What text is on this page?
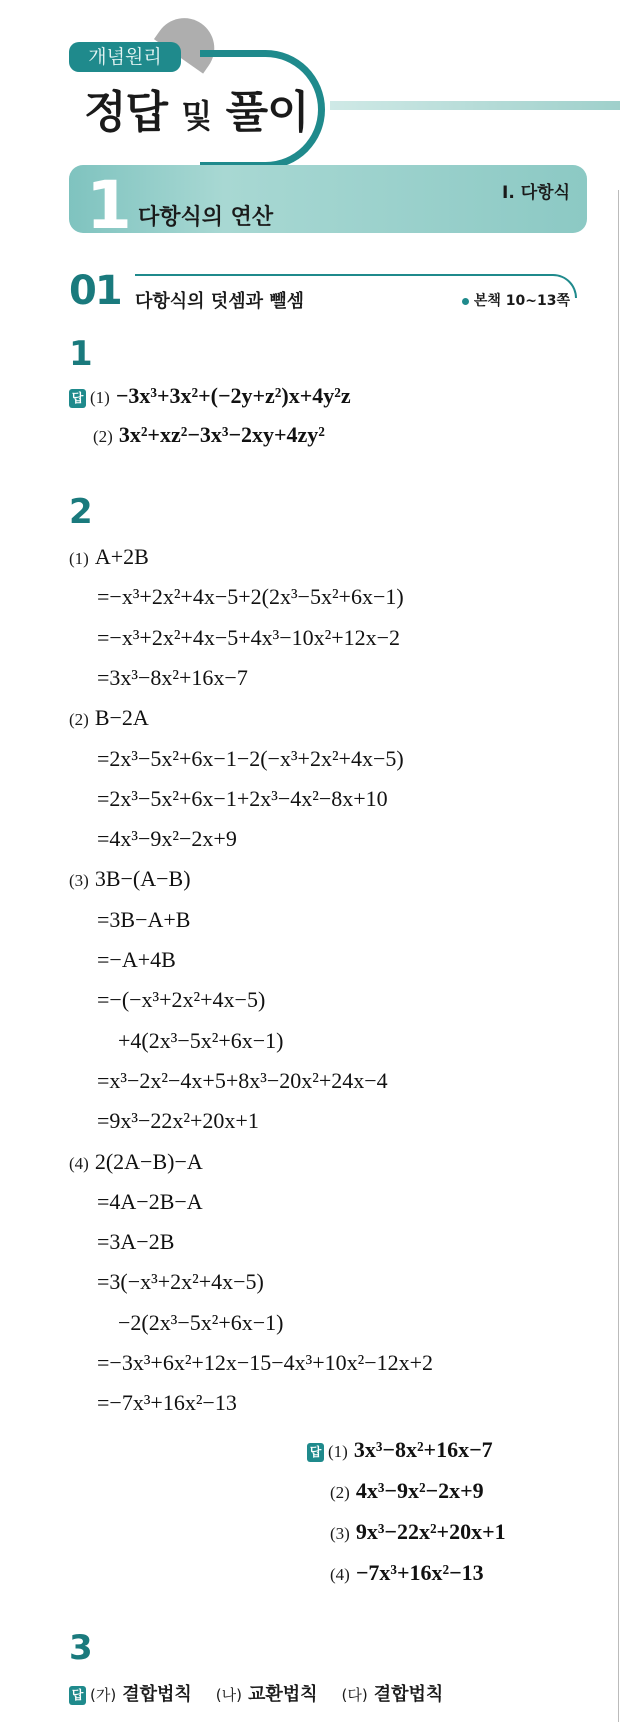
개념원리
정답 및 풀이
1 다항식의 연산
I. 다항식
01 다항식의 덧셈과 뺄셈	본책 10~13쪽
1
답 (1) −3x³+3x²+(−2y+z²)x+4y²z
(2) 3x²+xz²−3x³−2xy+4zy²
2
(1) A+2B
=−x³+2x²+4x−5+2(2x³−5x²+6x−1)
=−x³+2x²+4x−5+4x³−10x²+12x−2
=3x³−8x²+16x−7
(2) B−2A
=2x³−5x²+6x−1−2(−x³+2x²+4x−5)
=2x³−5x²+6x−1+2x³−4x²−8x+10
=4x³−9x²−2x+9
(3) 3B−(A−B)
=3B−A+B
=−A+4B
=−(−x³+2x²+4x−5)
+4(2x³−5x²+6x−1)
=x³−2x²−4x+5+8x³−20x²+24x−4
=9x³−22x²+20x+1
(4) 2(2A−B)−A
=4A−2B−A
=3A−2B
=3(−x³+2x²+4x−5)
−2(2x³−5x²+6x−1)
=−3x³+6x²+12x−15−4x³+10x²−12x+2
=−7x³+16x²−13
답 (1) 3x³−8x²+16x−7
(2) 4x³−9x²−2x+9
(3) 9x³−22x²+20x+1
(4) −7x³+16x²−13
3
답 (가) 결합법칙 (나) 교환법칙 (다) 결합법칙
